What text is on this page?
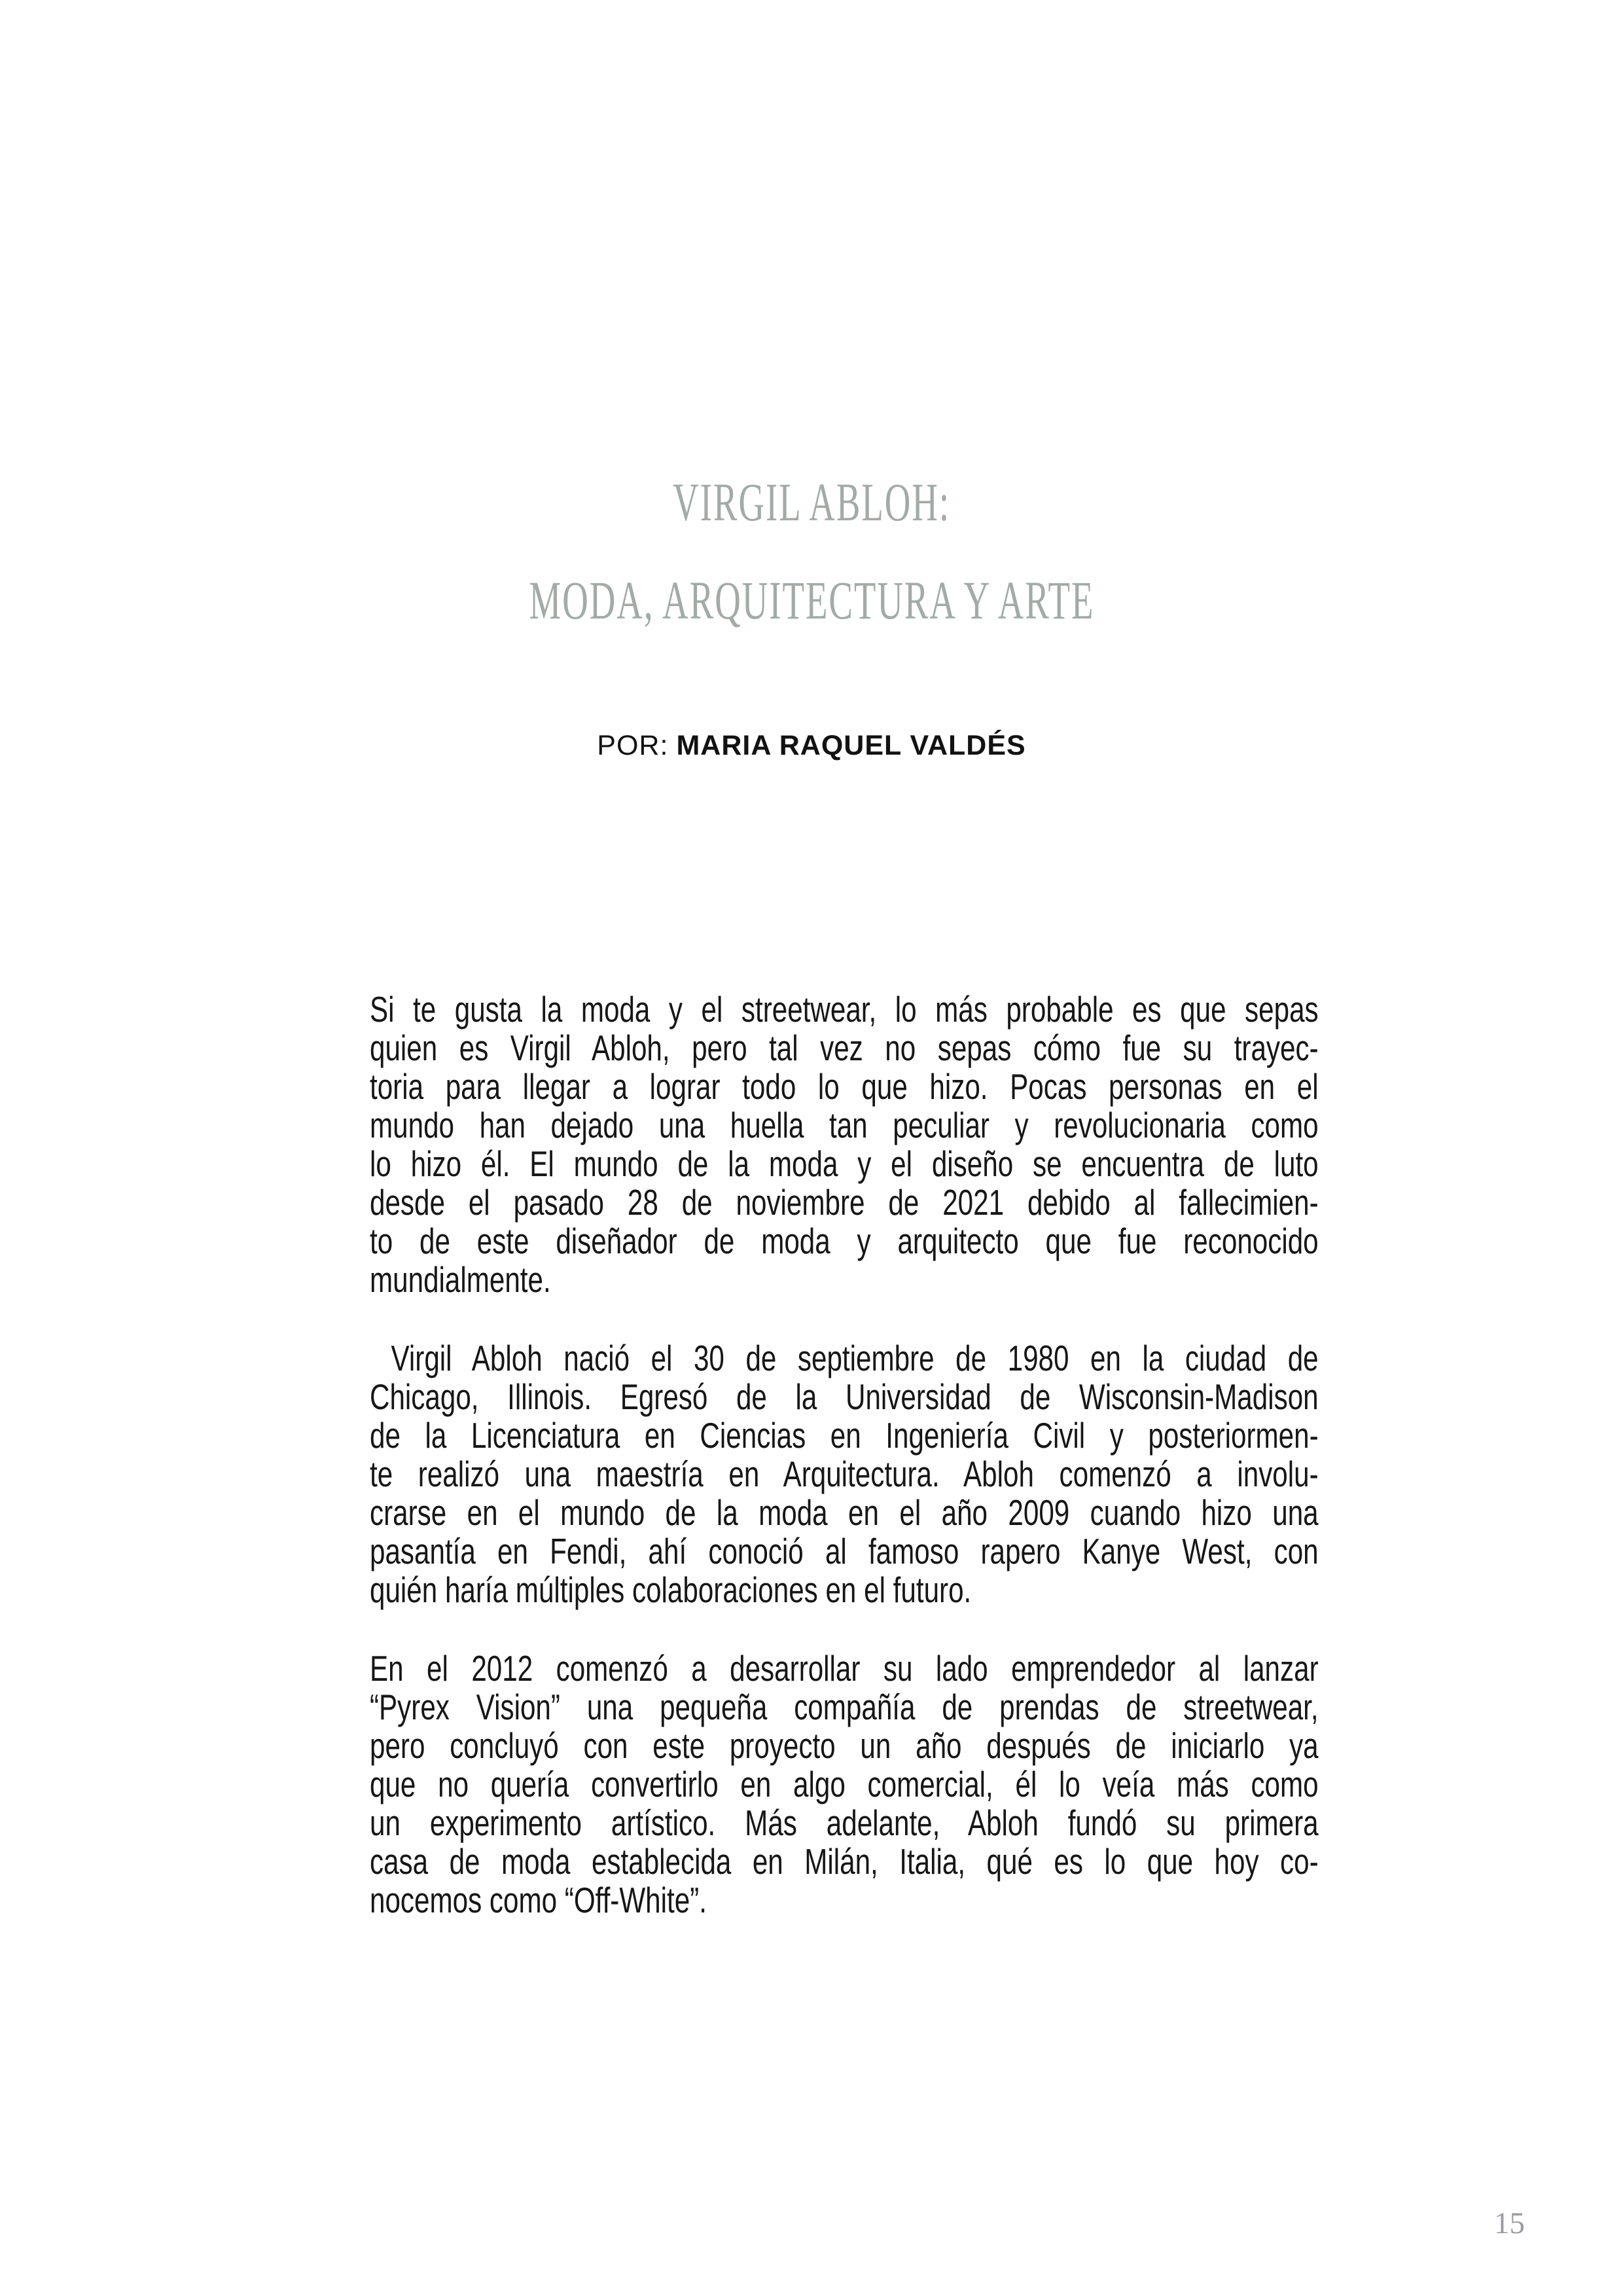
VIRGIL ABLOH:
MODA, ARQUITECTURA Y ARTE
POR: MARIA RAQUEL VALDÉS
Si te gusta la moda y el streetwear, lo más probable es que sepas
quien es Virgil Abloh, pero tal vez no sepas cómo fue su trayec-
toria para llegar a lograr todo lo que hizo. Pocas personas en el
mundo han dejado una huella tan peculiar y revolucionaria como
lo hizo él. El mundo de la moda y el diseño se encuentra de luto
desde el pasado 28 de noviembre de 2021 debido al fallecimien-
to de este diseñador de moda y arquitecto que fue reconocido
mundialmente.
Virgil Abloh nació el 30 de septiembre de 1980 en la ciudad de
Chicago, Illinois. Egresó de la Universidad de Wisconsin-Madison
de la Licenciatura en Ciencias en Ingeniería Civil y posteriormen-
te realizó una maestría en Arquitectura. Abloh comenzó a involu-
crarse en el mundo de la moda en el año 2009 cuando hizo una
pasantía en Fendi, ahí conoció al famoso rapero Kanye West, con
quién haría múltiples colaboraciones en el futuro.
En el 2012 comenzó a desarrollar su lado emprendedor al lanzar
“Pyrex Vision” una pequeña compañía de prendas de streetwear,
pero concluyó con este proyecto un año después de iniciarlo ya
que no quería convertirlo en algo comercial, él lo veía más como
un experimento artístico. Más adelante, Abloh fundó su primera
casa de moda establecida en Milán, Italia, qué es lo que hoy co-
nocemos como “Off-White”.
15
